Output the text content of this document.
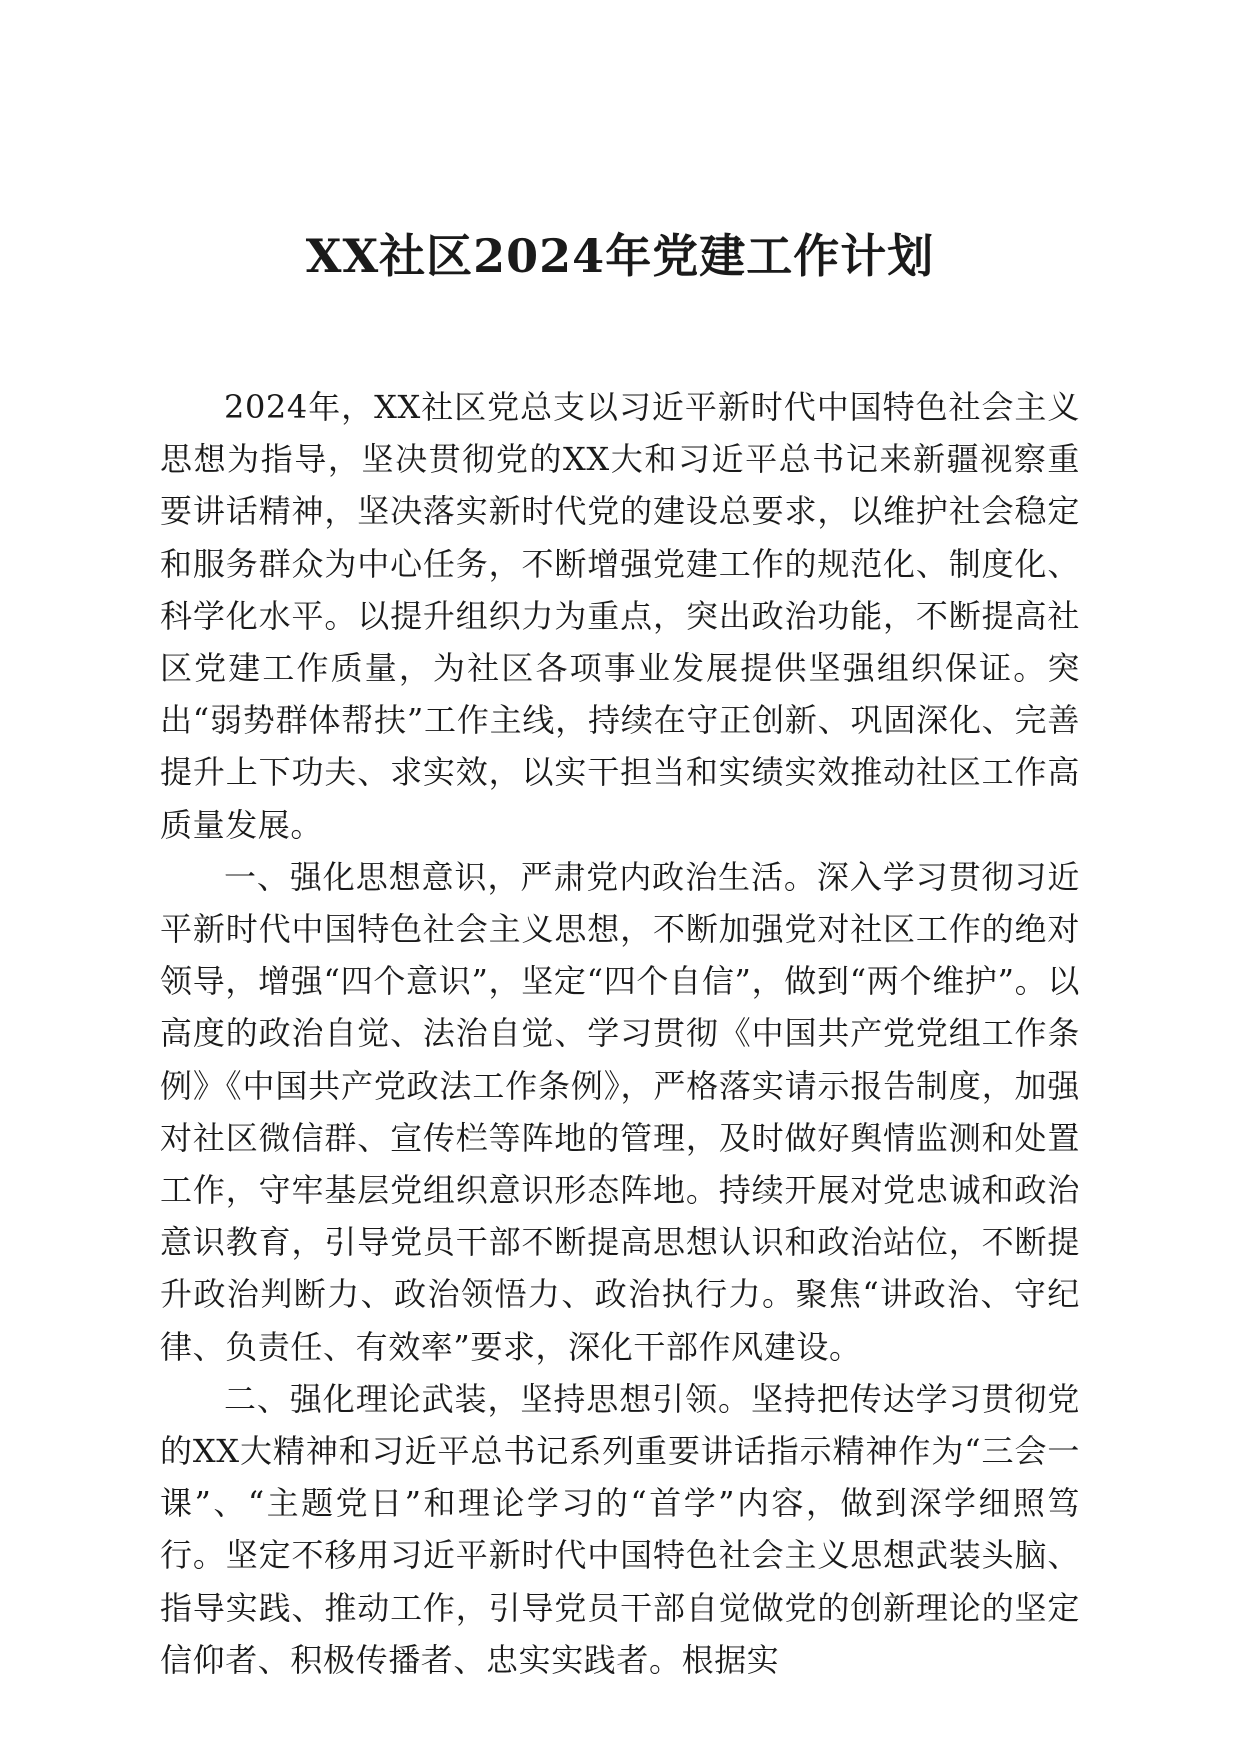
XX社区2024年党建工作计划

2024年，XX社区党总支以习近平新时代中国特色社会主义思想为指导，坚决贯彻党的XX大和习近平总书记来新疆视察重要讲话精神，坚决落实新时代党的建设总要求，以维护社会稳定和服务群众为中心任务，不断增强党建工作的规范化、制度化、科学化水平。以提升组织力为重点，突出政治功能，不断提高社区党建工作质量，为社区各项事业发展提供坚强组织保证。突出“弱势群体帮扶”工作主线，持续在守正创新、巩固深化、完善提升上下功夫、求实效，以实干担当和实绩实效推动社区工作高质量发展。

一、强化思想意识，严肃党内政治生活。深入学习贯彻习近平新时代中国特色社会主义思想，不断加强党对社区工作的绝对领导，增强“四个意识”，坚定“四个自信”，做到“两个维护”。以高度的政治自觉、法治自觉、学习贯彻《中国共产党党组工作条例》《中国共产党政法工作条例》，严格落实请示报告制度，加强对社区微信群、宣传栏等阵地的管理，及时做好舆情监测和处置工作，守牢基层党组织意识形态阵地。持续开展对党忠诚和政治意识教育，引导党员干部不断提高思想认识和政治站位，不断提升政治判断力、政治领悟力、政治执行力。聚焦“讲政治、守纪律、负责任、有效率”要求，深化干部作风建设。

二、强化理论武装，坚持思想引领。坚持把传达学习贯彻党的XX大精神和习近平总书记系列重要讲话指示精神作为“三会一课”、“主题党日”和理论学习的“首学”内容，做到深学细照笃行。坚定不移用习近平新时代中国特色社会主义思想武装头脑、指导实践、推动工作，引导党员干部自觉做党的创新理论的坚定信仰者、积极传播者、忠实实践者。根据实
